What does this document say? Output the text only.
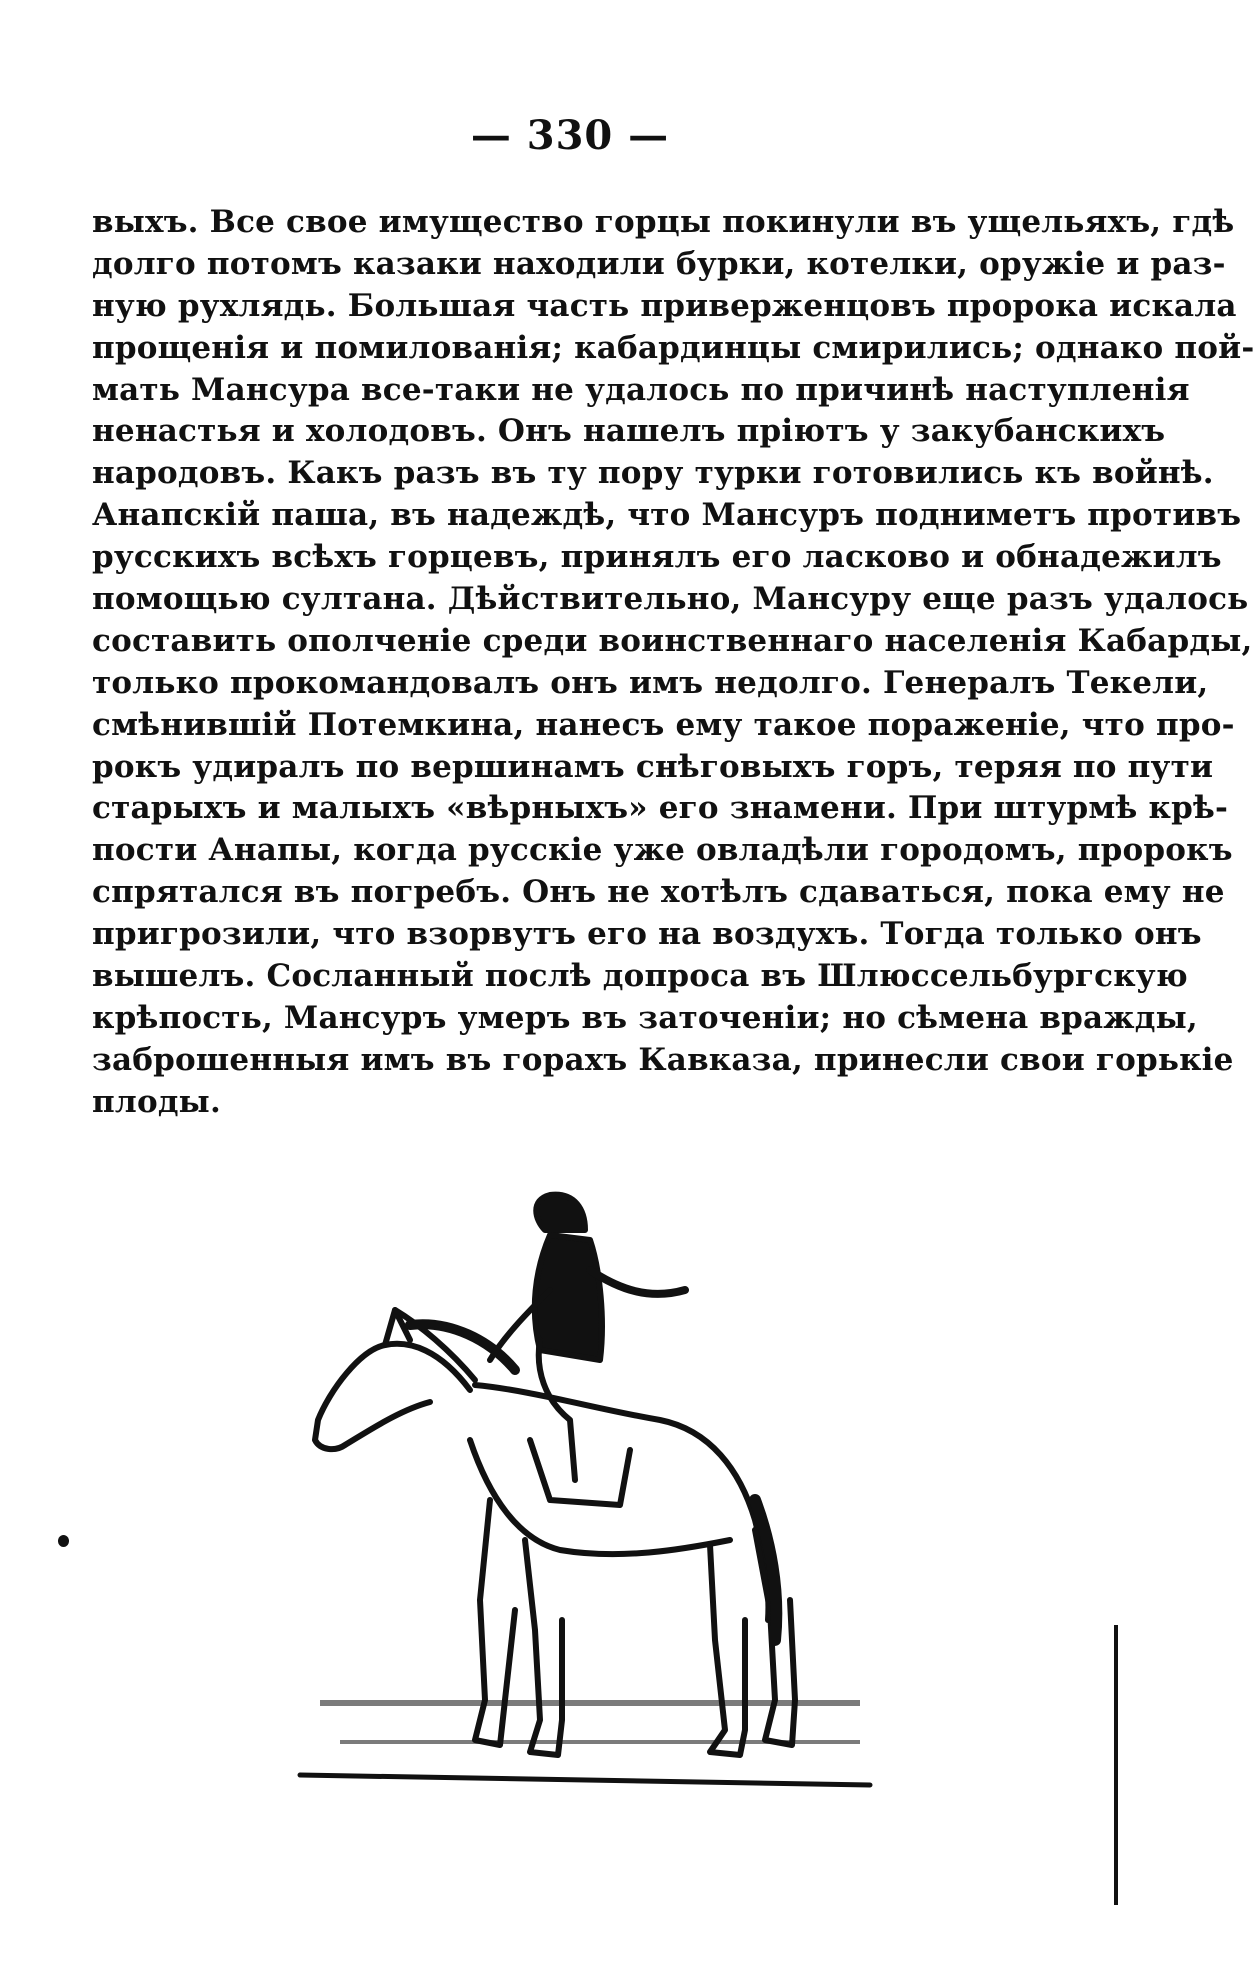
— 330 —
выхъ. Все свое имущество горцы покинули въ ущельяхъ, гдѣ
долго потомъ казаки находили бурки, котелки, оружіе и раз-
ную рухлядь. Большая часть приверженцовъ пророка искала
прощенія и помилованія; кабардинцы смирились; однако пой-
мать Мансура все-таки не удалось по причинѣ наступленія
ненастья и холодовъ. Онъ нашелъ пріютъ у закубанскихъ
народовъ. Какъ разъ въ ту пору турки готовились къ войнѣ.
Анапскій паша, въ надеждѣ, что Мансуръ подниметъ противъ
русскихъ всѣхъ горцевъ, принялъ его ласково и обнадежилъ
помощью султана. Дѣйствительно, Мансуру еще разъ удалось
составить ополченіе среди воинственнаго населенія Кабарды,
только прокомандовалъ онъ имъ недолго. Генералъ Текели,
смѣнившій Потемкина, нанесъ ему такое пораженіе, что про-
рокъ удиралъ по вершинамъ снѣговыхъ горъ, теряя по пути
старыхъ и малыхъ «вѣрныхъ» его знамени. При штурмѣ крѣ-
пости Анапы, когда русскіе уже овладѣли городомъ, пророкъ
спрятался въ погребъ. Онъ не хотѣлъ сдаваться, пока ему не
пригрозили, что взорвутъ его на воздухъ. Тогда только онъ
вышелъ. Сосланный послѣ допроса въ Шлюссельбургскую
крѣпость, Мансуръ умеръ въ заточеніи; но сѣмена вражды,
заброшенныя имъ въ горахъ Кавказа, принесли свои горькіе
плоды.
